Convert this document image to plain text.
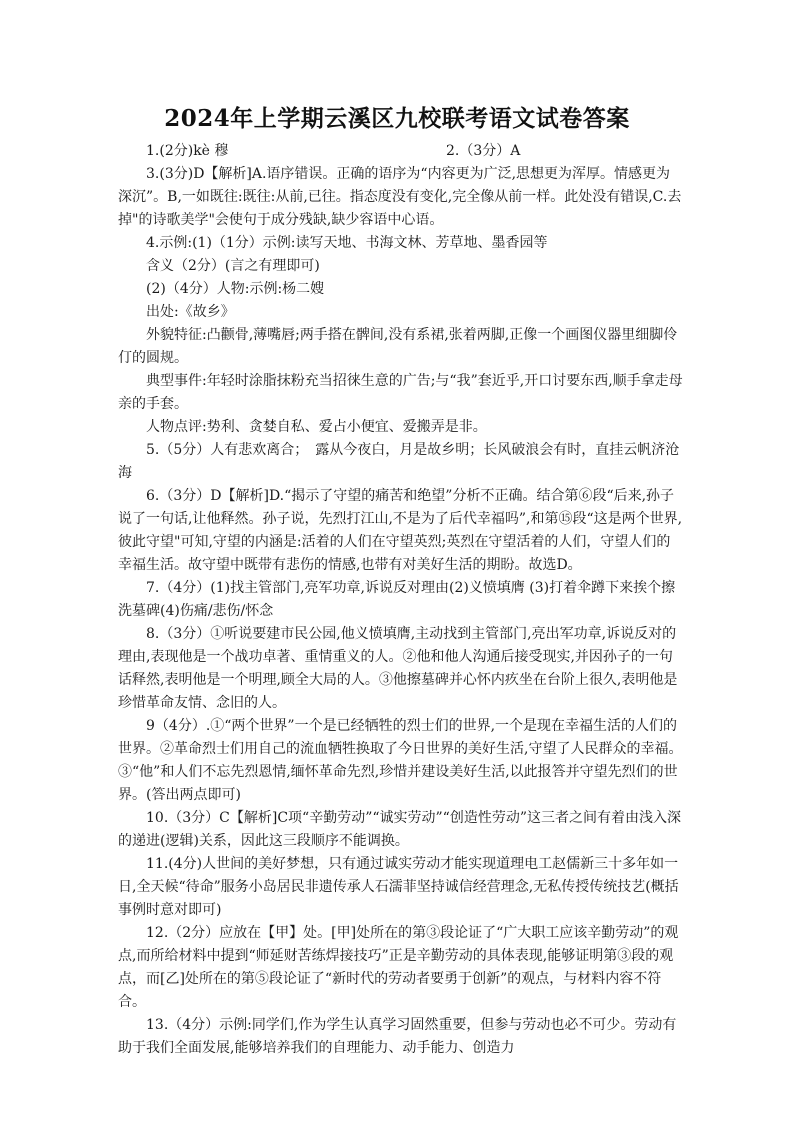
2024年上学期云溪区九校联考语文试卷答案
1.(2分)kè 穆	2.（3分）A

3.(3分)D【解析]A.语序错误。正确的语序为“内容更为广泛,思想更为浑厚。情感更为深沉”。B,一如既往:既往:从前,已往。指态度没有变化,完全像从前一样。此处没有错误,C.去掉"的诗歌美学"会使句于成分残缺,缺少容语中心语。

4.示例:(1)（1分）示例:读写天地、书海文林、芳草地、墨香园等

含义（2分）(言之有理即可)

(2)（4分）人物:示例:杨二嫂

出处:《故乡》

外貌特征:凸颧骨,薄嘴唇;两手搭在髀间,没有系裙,张着两脚,正像一个画图仪器里细脚伶仃的圆规。

典型事件:年轻时涂脂抹粉充当招徕生意的广告;与“我”套近乎,开口讨要东西,顺手拿走母亲的手套。

人物点评:势利、贪婪自私、爱占小便宜、爱搬弄是非。

5.（5分）人有悲欢离合；　露从今夜白，月是故乡明；长风破浪会有时，直挂云帆济沧海

6.（3分）D【解析]D.“揭示了守望的痛苦和绝望”分析不正确。结合第⑥段“后来,孙子说了一句话,让他释然。孙子说，先烈打江山,不是为了后代幸福吗”,和第⑮段“这是两个世界,彼此守望"可知,守望的内涵是:活着的人们在守望英烈;英烈在守望活着的人们，守望人们的幸福生活。故守望中既带有悲伤的情感,也带有对美好生活的期盼。故选D。

7.（4分）(1)找主管部门,亮军功章,诉说反对理由(2)义愤填膺 (3)打着伞蹲下来挨个擦洗墓碑(4)伤痛/悲伤/怀念

8.（3分）①听说要建市民公园,他义愤填膺,主动找到主管部门,亮出军功章,诉说反对的理由,表现他是一个战功卓著、重情重义的人。②他和他人沟通后接受现实,并因孙子的一句话释然,表明他是一个明理,顾全大局的人。③他擦墓碑并心怀内疚坐在台阶上很久,表明他是珍惜革命友情、念旧的人。

9（4分）.①“两个世界”一个是已经牺牲的烈士们的世界,一个是现在幸福生活的人们的世界。②革命烈士们用自己的流血牺牲换取了今日世界的美好生活,守望了人民群众的幸福。③“他”和人们不忘先烈恩情,缅怀革命先烈,珍惜并建设美好生活,以此报答并守望先烈们的世界。(答出两点即可)

10.（3分）C【解析]C项“辛勤劳动”“诚实劳动”“创造性劳动”这三者之间有着由浅入深的递进(逻辑)关系，因此这三段顺序不能调换。

11.(4分)人世间的美好梦想，只有通过诚实劳动才能实现道理电工赵儒新三十多年如一日,全天候“待命”服务小岛居民非遗传承人石濡菲坚持诚信经营理念,无私传授传统技艺(概括事例时意对即可)

12.（2分）应放在【甲】处。[甲]处所在的第③段论证了“广大职工应该辛勤劳动”的观点,而所给材料中提到“师延财苦练焊接技巧”正是辛勤劳动的具体表现,能够证明第③段的观点，而[乙]处所在的第⑤段论证了“新时代的劳动者要勇于创新”的观点，与材料内容不符合。

13.（4分）示例:同学们,作为学生认真学习固然重要，但参与劳动也必不可少。劳动有助于我们全面发展,能够培养我们的自理能力、动手能力、创造力
